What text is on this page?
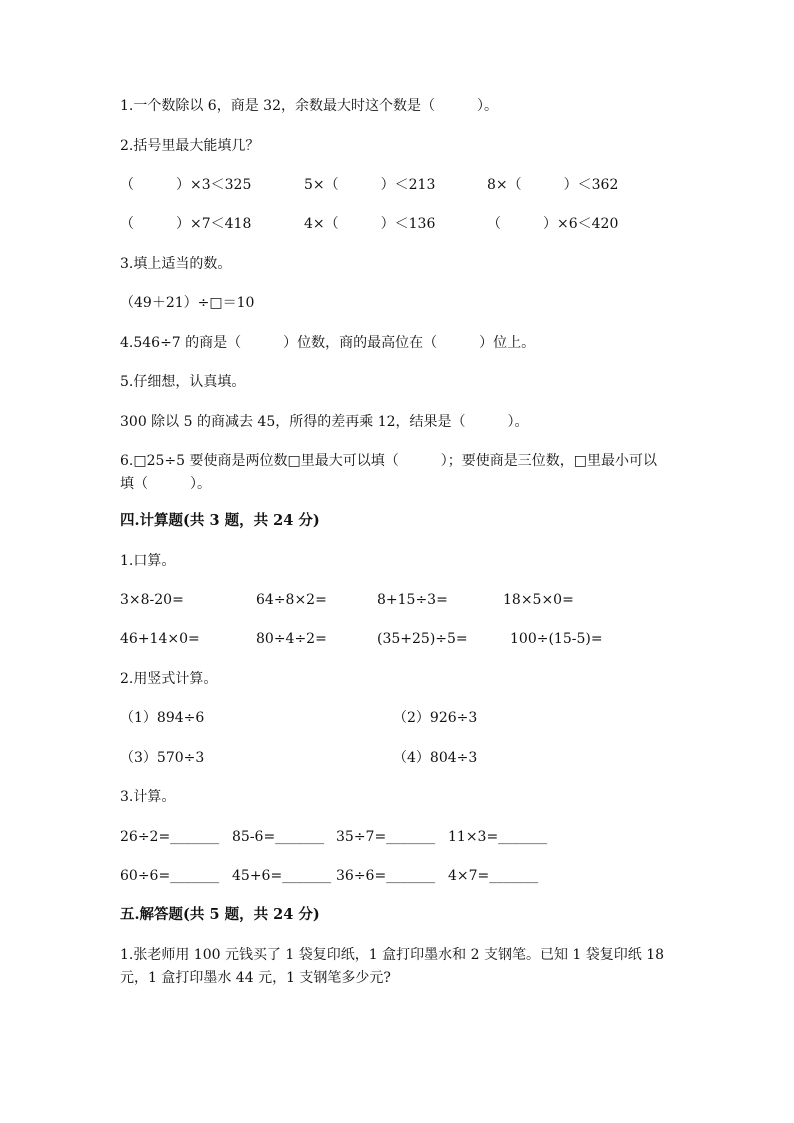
1.一个数除以 6，商是 32，余数最大时这个数是（　　　）。
2.括号里最大能填几？
（　　　）×3＜325	5×（　　　）＜213	8×（　　　）＜362
（　　　）×7＜418	4×（　　　）＜136	（　　　）×6＜420
3.填上适当的数。
（49＋21）÷□＝10
4.546÷7 的商是（　　　）位数，商的最高位在（　　　）位上。
5.仔细想，认真填。
300 除以 5 的商减去 45，所得的差再乘 12，结果是（　　　）。
6.□25÷5 要使商是两位数□里最大可以填（　　　）；要使商是三位数，□里最小可以填（　　　）。
四.计算题(共 3 题，共 24 分)
1.口算。
3×8-20=	64÷8×2=	8+15÷3=	18×5×0=
46+14×0=	80÷4÷2=	(35+25)÷5=	100÷(15-5)=
2.用竖式计算。
（1）894÷6	（2）926÷3
（3）570÷3	（4）804÷3
3.计算。
26÷2=_______ 85-6=_______ 35÷7=_______ 11×3=_______
60÷6=_______ 45+6=_______ 36÷6=_______ 4×7=_______
五.解答题(共 5 题，共 24 分)
1.张老师用 100 元钱买了 1 袋复印纸，1 盒打印墨水和 2 支钢笔。已知 1 袋复印纸 18 元，1 盒打印墨水 44 元，1 支钢笔多少元?
